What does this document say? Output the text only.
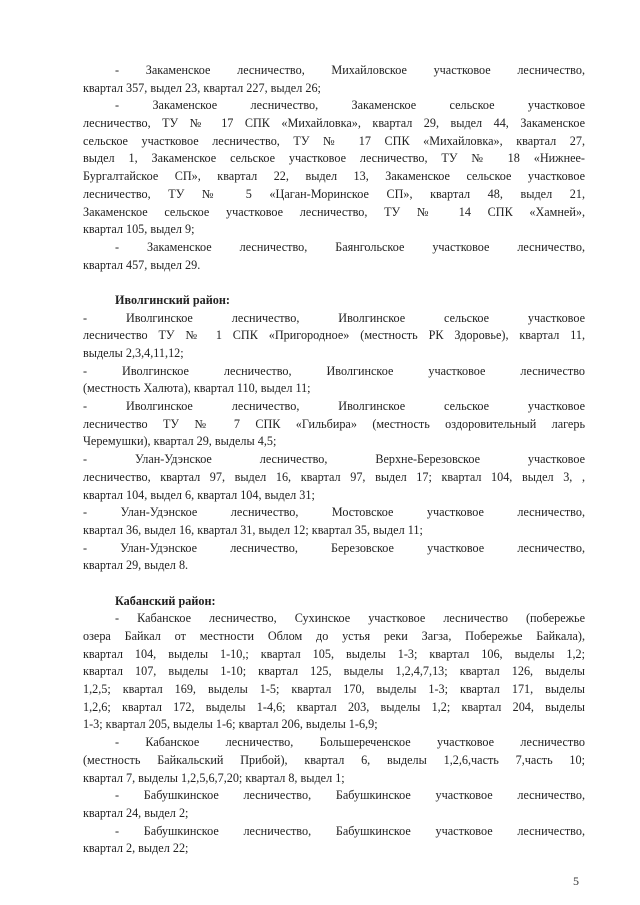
- Закаменское лесничество, Михайловское участковое лесничество,
квартал 357, выдел 23, квартал 227, выдел 26;
- Закаменское лесничество, Закаменское сельское участковое
лесничество, ТУ № 17 СПК «Михайловка», квартал 29, выдел 44, Закаменское
сельское участковое лесничество, ТУ № 17 СПК «Михайловка», квартал 27,
выдел 1, Закаменское сельское участковое лесничество, ТУ № 18 «Нижнее-
Бургалтайское СП», квартал 22, выдел 13, Закаменское сельское участковое
лесничество, ТУ № 5 «Цаган-Моринское СП», квартал 48, выдел 21,
Закаменское сельское участковое лесничество, ТУ № 14 СПК «Хамней»,
квартал 105, выдел 9;
- Закаменское лесничество, Баянгольское участковое лесничество,
квартал 457, выдел 29.
Иволгинский район:
- Иволгинское лесничество, Иволгинское сельское участковое
лесничество ТУ № 1 СПК «Пригородное» (местность РК Здоровье), квартал 11,
выделы 2,3,4,11,12;
- Иволгинское лесничество, Иволгинское участковое лесничество
(местность Халюта), квартал 110, выдел 11;
- Иволгинское лесничество, Иволгинское сельское участковое
лесничество ТУ № 7 СПК «Гильбира» (местность оздоровительный лагерь
Черемушки), квартал 29, выделы 4,5;
- Улан-Удэнское лесничество, Верхне-Березовское участковое
лесничество, квартал 97, выдел 16, квартал 97, выдел 17; квартал 104, выдел 3, ,
квартал 104, выдел 6, квартал 104, выдел 31;
- Улан-Удэнское лесничество, Мостовское участковое лесничество,
квартал 36, выдел 16, квартал 31, выдел 12; квартал 35, выдел 11;
- Улан-Удэнское лесничество, Березовское участковое лесничество,
квартал 29, выдел 8.
Кабанский район:
- Кабанское лесничество, Сухинское участковое лесничество (побережье
озера Байкал от местности Облом до устья реки Загза, Побережье Байкала),
квартал 104, выделы 1-10,; квартал 105, выделы 1-3; квартал 106, выделы 1,2;
квартал 107, выделы 1-10; квартал 125, выделы 1,2,4,7,13; квартал 126, выделы
1,2,5; квартал 169, выделы 1-5; квартал 170, выделы 1-3; квартал 171, выделы
1,2,6; квартал 172, выделы 1-4,6; квартал 203, выделы 1,2; квартал 204, выделы
1-3; квартал 205, выделы 1-6; квартал 206, выделы 1-6,9;
- Кабанское лесничество, Большереченское участковое лесничество
(местность Байкальский Прибой), квартал 6, выделы 1,2,6,часть 7,часть 10;
квартал 7, выделы 1,2,5,6,7,20; квартал 8, выдел 1;
- Бабушкинское лесничество, Бабушкинское участковое лесничество,
квартал 24, выдел 2;
- Бабушкинское лесничество, Бабушкинское участковое лесничество,
квартал 2, выдел 22;
5
